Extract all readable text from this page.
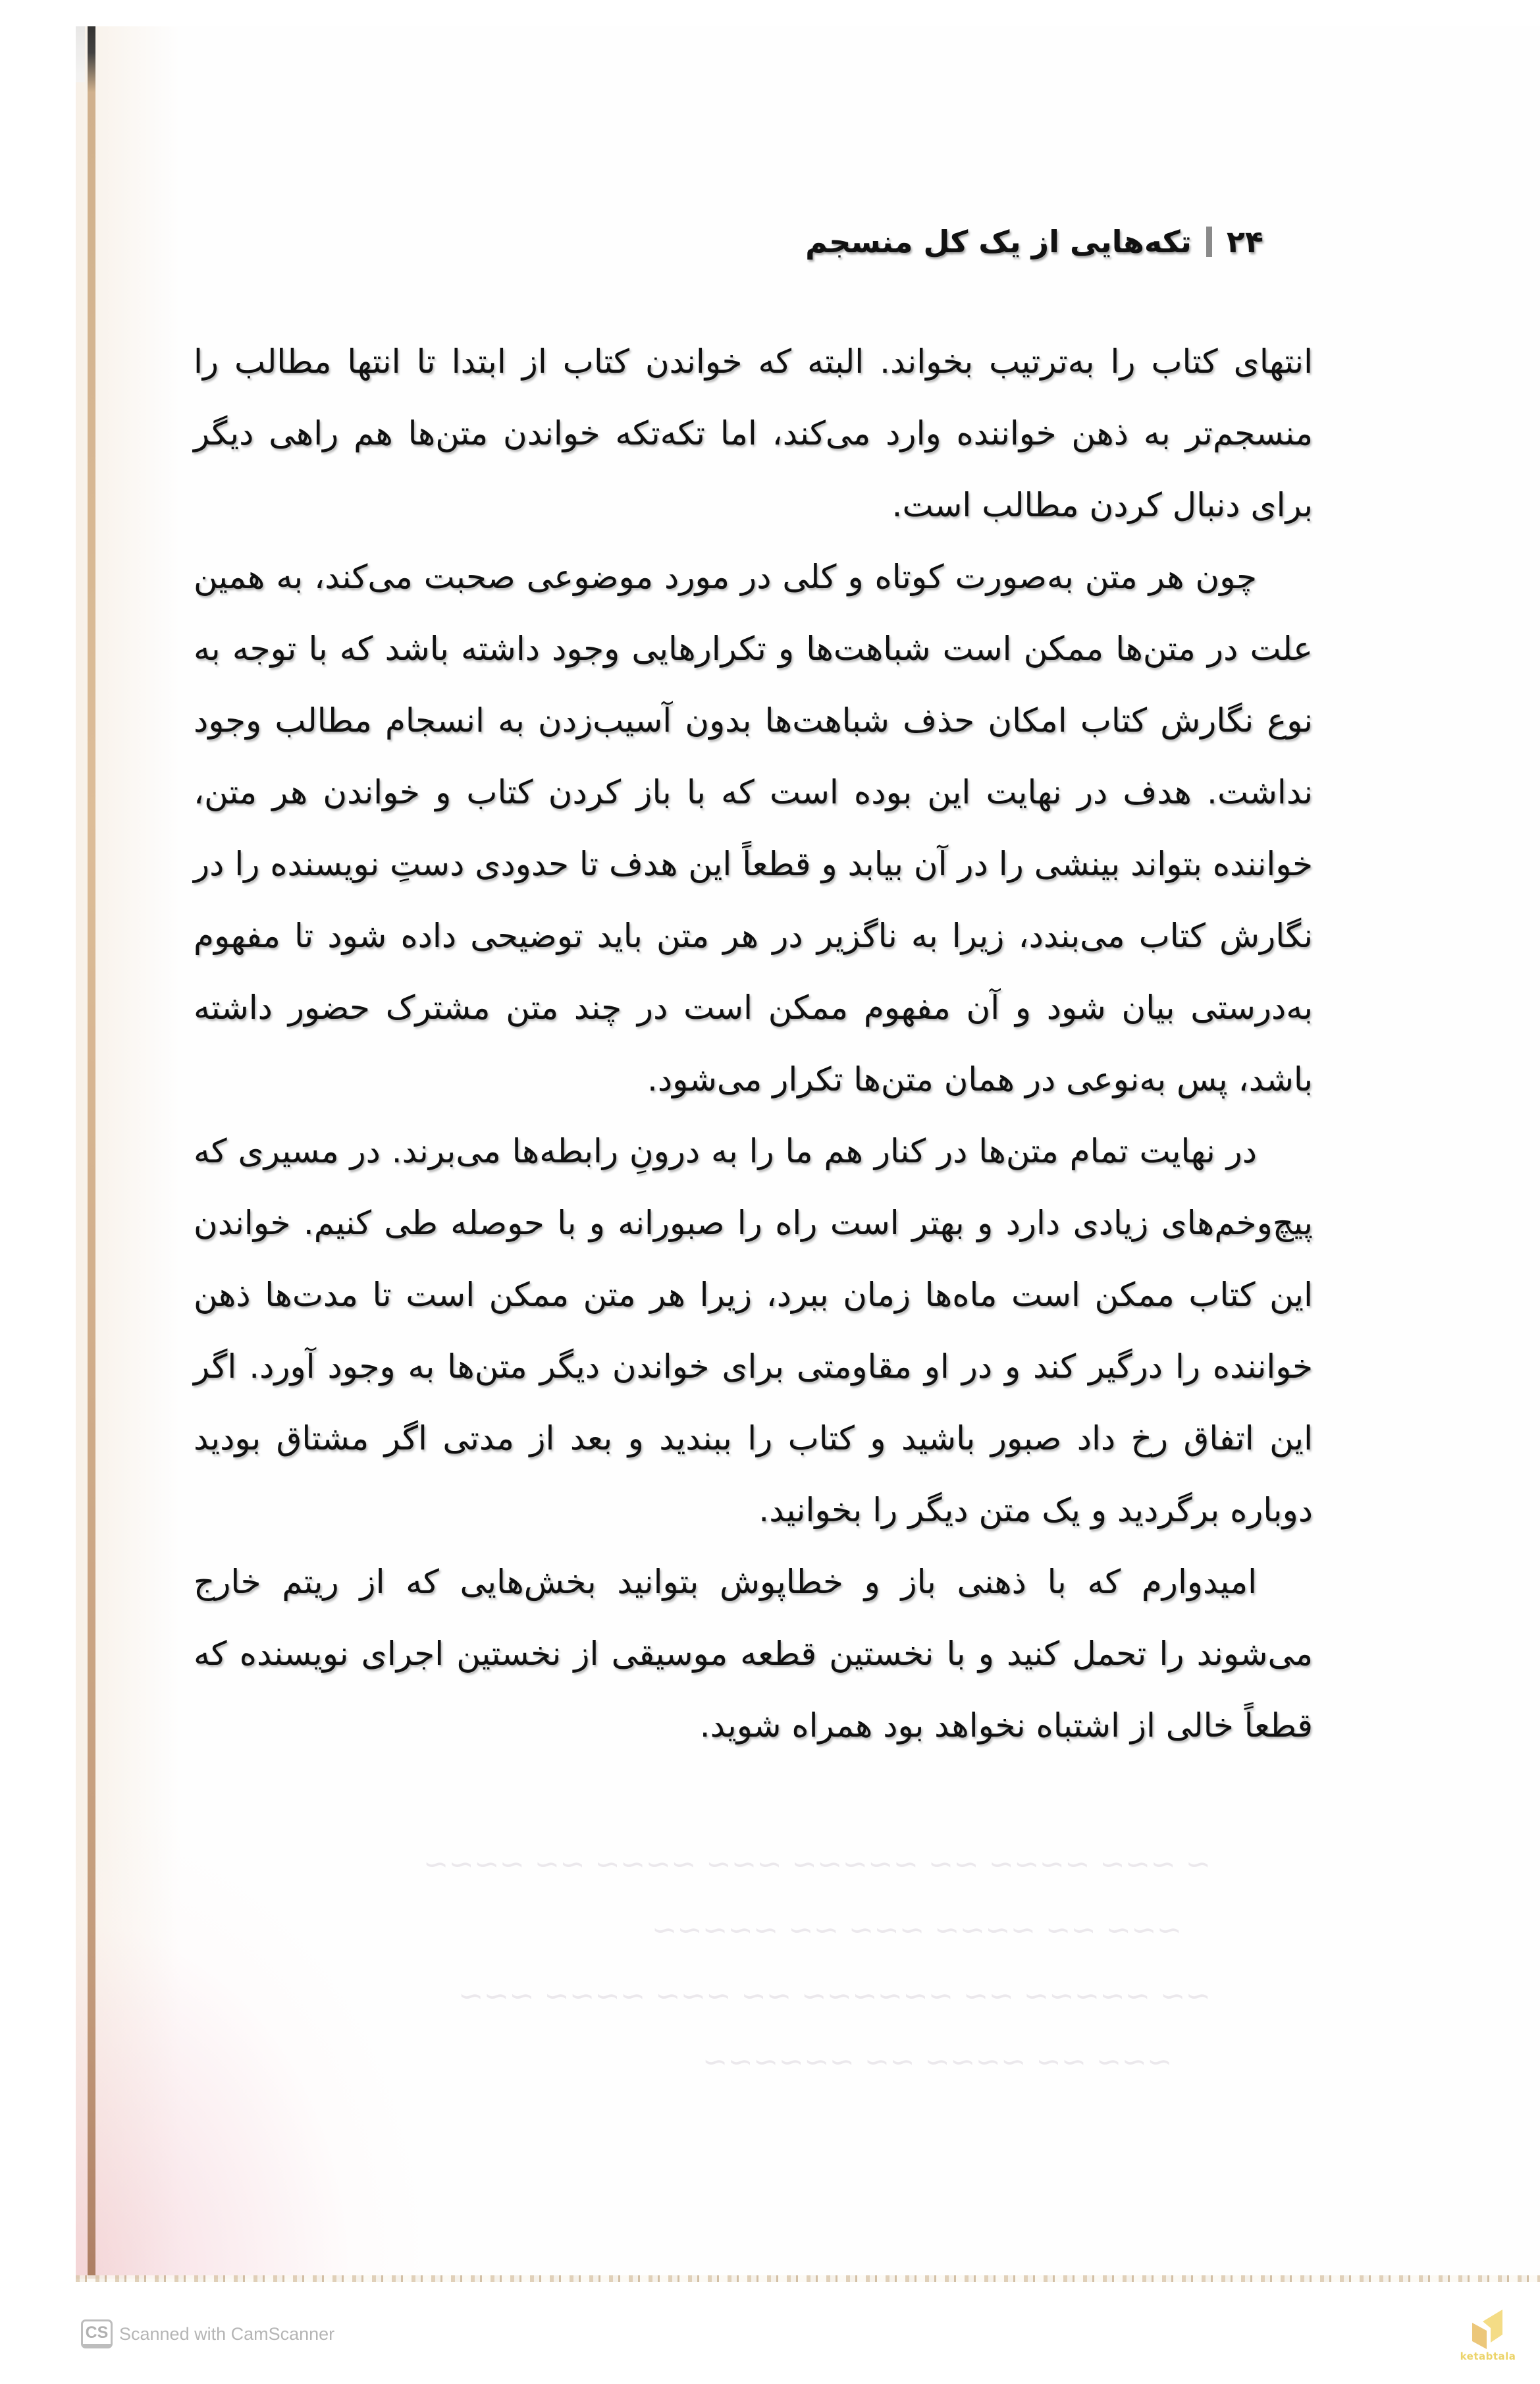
۲۴
تکه‌هایی از یک کل منسجم

انتهای کتاب را به‌ترتیب بخواند. البته که خواندن کتاب از ابتدا تا انتها مطالب را منسجم‌تر به ذهن خواننده وارد می‌کند، اما تکه‌تکه خواندن متن‌ها هم راهی دیگر برای دنبال کردن مطالب است.

چون هر متن به‌صورت کوتاه و کلی در مورد موضوعی صحبت می‌کند، به همین علت در متن‌ها ممکن است شباهت‌ها و تکرارهایی وجود داشته باشد که با توجه به نوع نگارش کتاب امکان حذف شباهت‌ها بدون آسیب‌زدن به انسجام مطالب وجود نداشت. هدف در نهایت این بوده است که با باز کردن کتاب و خواندن هر متن، خواننده بتواند بینشی را در آن بیابد و قطعاً این هدف تا حدودی دستِ نویسنده را در نگارش کتاب می‌بندد، زیرا به ناگزیر در هر متن باید توضیحی داده شود تا مفهوم به‌درستی بیان شود و آن مفهوم ممکن است در چند متن مشترک حضور داشته باشد، پس به‌نوعی در همان متن‌ها تکرار می‌شود.

در نهایت تمام متن‌ها در کنار هم ما را به درونِ رابطه‌ها می‌برند. در مسیری که پیچ‌وخم‌های زیادی دارد و بهتر است راه را صبورانه و با حوصله طی کنیم. خواندن این کتاب ممکن است ماه‌ها زمان ببرد، زیرا هر متن ممکن است تا مدت‌ها ذهن خواننده را درگیر کند و در او مقاومتی برای خواندن دیگر متن‌ها به وجود آورد. اگر این اتفاق رخ داد صبور باشید و کتاب را ببندید و بعد از مدتی اگر مشتاق بودید دوباره برگردید و یک متن دیگر را بخوانید.

امیدوارم که با ذهنی باز و خطاپوش بتوانید بخش‌هایی که از ریتم خارج می‌شوند را تحمل کنید و با نخستین قطعه موسیقی از نخستین اجرای نویسنده که قطعاً خالی از اشتباه نخواهد بود همراه شوید.

~ ~~~ ~~~~ ~~ ~~~~~ ~~~ ~~~~ ~~ ~~~~
~~~ ~~ ~~~~ ~~~ ~~ ~~~~~
~~ ~~~~~ ~~ ~~~~~~ ~~ ~~~ ~~~~ ~~~
~~~ ~~ ~~~~ ~~ ~~~~~~
CS Scanned with CamScanner
ketabtala
